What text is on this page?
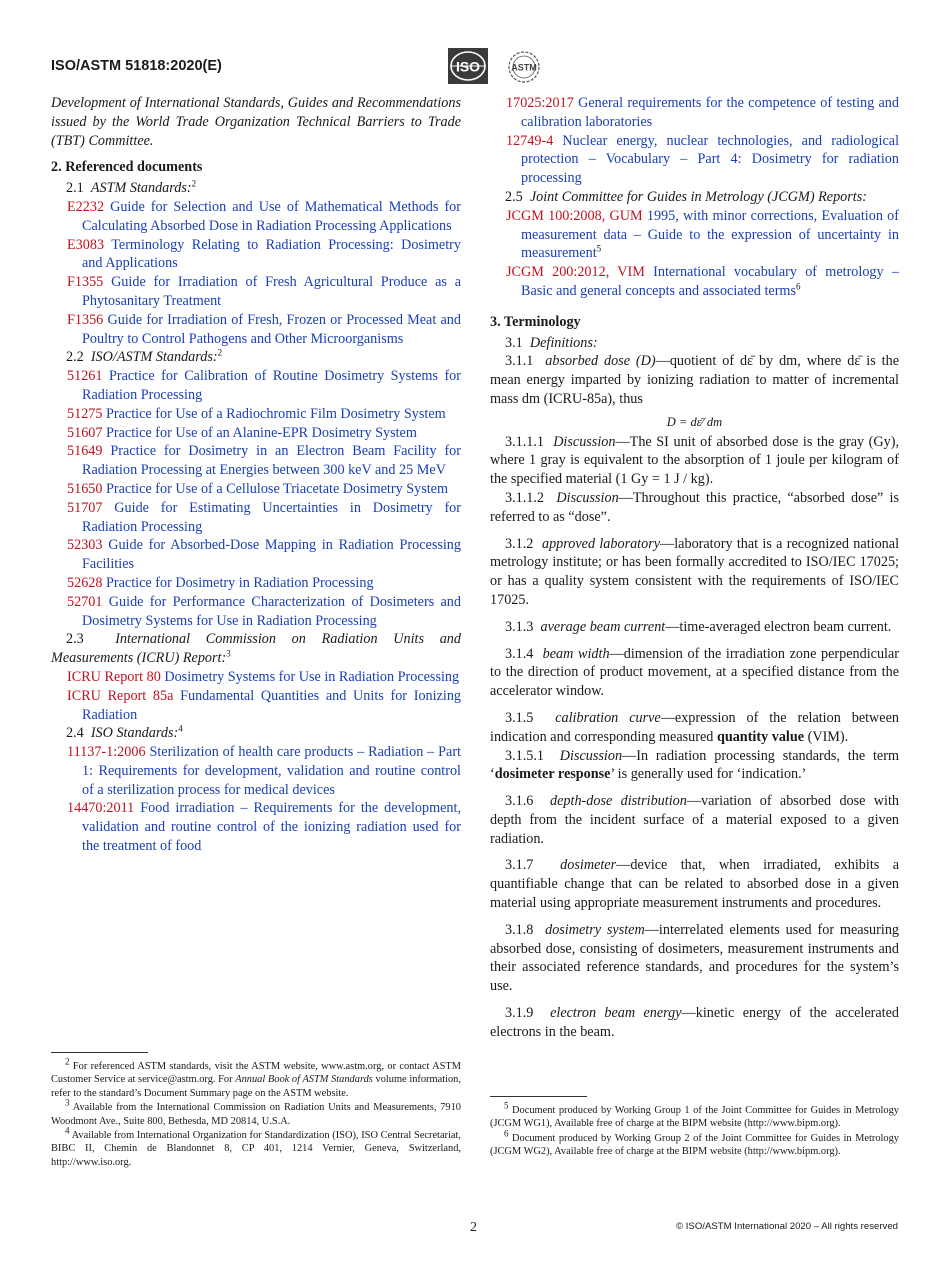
ISO/ASTM 51818:2020(E)	ISO	ASTM

Development of International Standards, Guides and Recommendations issued by the World Trade Organization Technical Barriers to Trade (TBT) Committee.

2. Referenced documents

2.1 ASTM Standards:$^2$

E2232 Guide for Selection and Use of Mathematical Methods for Calculating Absorbed Dose in Radiation Processing Applications

E3083 Terminology Relating to Radiation Processing: Dosimetry and Applications

F1355 Guide for Irradiation of Fresh Agricultural Produce as a Phytosanitary Treatment

F1356 Guide for Irradiation of Fresh, Frozen or Processed Meat and Poultry to Control Pathogens and Other Microorganisms

2.2 ISO/ASTM Standards:$^2$

51261 Practice for Calibration of Routine Dosimetry Systems for Radiation Processing

51275 Practice for Use of a Radiochromic Film Dosimetry System

51607 Practice for Use of an Alanine-EPR Dosimetry System

51649 Practice for Dosimetry in an Electron Beam Facility for Radiation Processing at Energies between 300 keV and 25 MeV

51650 Practice for Use of a Cellulose Triacetate Dosimetry System

51707 Guide for Estimating Uncertainties in Dosimetry for Radiation Processing

52303 Guide for Absorbed-Dose Mapping in Radiation Processing Facilities

52628 Practice for Dosimetry in Radiation Processing

52701 Guide for Performance Characterization of Dosimeters and Dosimetry Systems for Use in Radiation Processing

2.3 International Commission on Radiation Units and Measurements (ICRU) Report:$^3$

ICRU Report 80 Dosimetry Systems for Use in Radiation Processing

ICRU Report 85a Fundamental Quantities and Units for Ionizing Radiation

2.4 ISO Standards:$^4$

11137-1:2006 Sterilization of health care products – Radiation – Part 1: Requirements for development, validation and routine control of a sterilization process for medical devices

14470:2011 Food irradiation – Requirements for the development, validation and routine control of the ionizing radiation used for the treatment of food

17025:2017 General requirements for the competence of testing and calibration laboratories

12749-4 Nuclear energy, nuclear technologies, and radiological protection – Vocabulary – Part 4: Dosimetry for radiation processing

2.5 Joint Committee for Guides in Metrology (JCGM) Reports:

JCGM 100:2008, GUM 1995, with minor corrections, Evaluation of measurement data – Guide to the expression of uncertainty in measurement$^5$

JCGM 200:2012, VIM International vocabulary of metrology – Basic and general concepts and associated terms$^6$

3. Terminology

3.1 Definitions:

3.1.1 absorbed dose (D)—quotient of dε̄ by dm, where dε̄ is the mean energy imparted by ionizing radiation to matter of incremental mass dm (ICRU-85a), thus

D = dε̄⁄ dm

3.1.1.1 Discussion—The SI unit of absorbed dose is the gray (Gy), where 1 gray is equivalent to the absorption of 1 joule per kilogram of the specified material (1 Gy = 1 J / kg).

3.1.1.2 Discussion—Throughout this practice, “absorbed dose” is referred to as “dose”.

3.1.2 approved laboratory—laboratory that is a recognized national metrology institute; or has been formally accredited to ISO/IEC 17025; or has a quality system consistent with the requirements of ISO/IEC 17025.

3.1.3 average beam current—time-averaged electron beam current.

3.1.4 beam width—dimension of the irradiation zone perpendicular to the direction of product movement, at a specified distance from the accelerator window.

3.1.5 calibration curve—expression of the relation between indication and corresponding measured quantity value (VIM).

3.1.5.1 Discussion—In radiation processing standards, the term ‘dosimeter response’ is generally used for ‘indication.’

3.1.6 depth-dose distribution—variation of absorbed dose with depth from the incident surface of a material exposed to a given radiation.

3.1.7 dosimeter—device that, when irradiated, exhibits a quantifiable change that can be related to absorbed dose in a given material using appropriate measurement instruments and procedures.

3.1.8 dosimetry system—interrelated elements used for measuring absorbed dose, consisting of dosimeters, measurement instruments and their associated reference standards, and procedures for the system’s use.

3.1.9 electron beam energy—kinetic energy of the accelerated electrons in the beam.

$^2$ For referenced ASTM standards, visit the ASTM website, www.astm.org, or contact ASTM Customer Service at service@astm.org. For Annual Book of ASTM Standards volume information, refer to the standard’s Document Summary page on the ASTM website.

$^3$ Available from the International Commission on Radiation Units and Measurements, 7910 Woodmont Ave., Suite 800, Bethesda, MD 20814, U.S.A.

$^4$ Available from International Organization for Standardization (ISO), ISO Central Secretariat, BIBC II, Chemin de Blandonnet 8, CP 401, 1214 Vernier, Geneva, Switzerland, http://www.iso.org.

$^5$ Document produced by Working Group 1 of the Joint Committee for Guides in Metrology (JCGM WG1), Available free of charge at the BIPM website (http://www.bipm.org).

$^6$ Document produced by Working Group 2 of the Joint Committee for Guides in Metrology (JCGM WG2), Available free of charge at the BIPM website (http://www.bipm.org).

2	© ISO/ASTM International 2020 – All rights reserved
